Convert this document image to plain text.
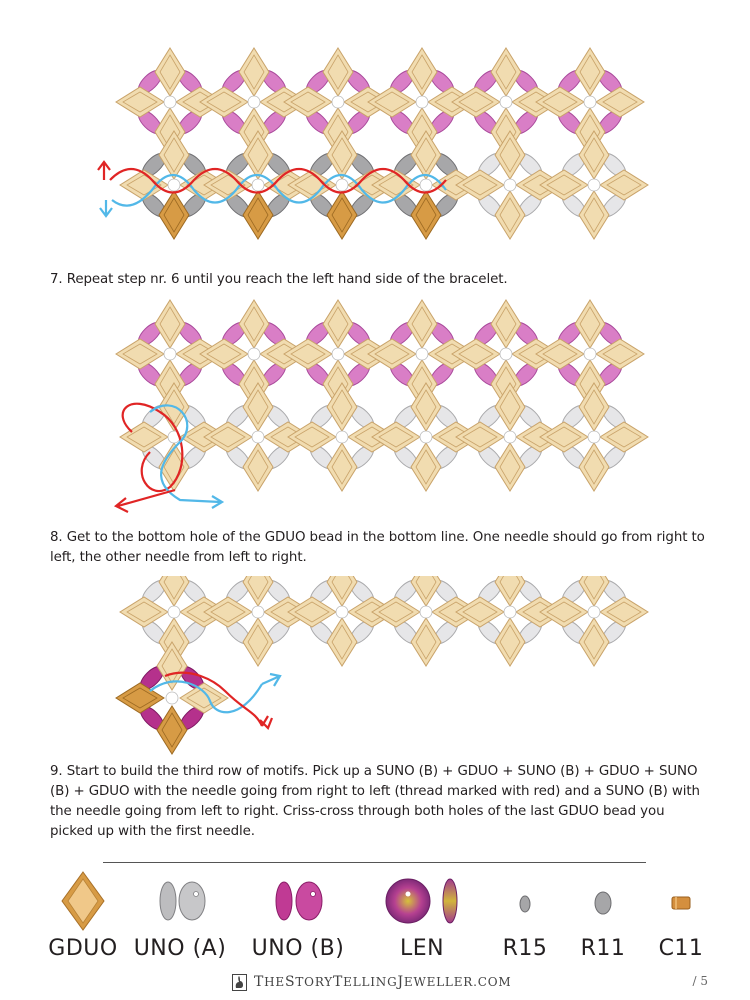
7. Repeat step nr. 6 until you reach the left hand side of the bracelet.

8. Get to the bottom hole of the GDUO bead in the bottom line. One needle should go from right to left, the other needle from left to right.

9. Start to build the third row of motifs. Pick up a SUNO (B) + GDUO + SUNO (B) + GDUO + SUNO (B) + GDUO with the needle going from right to left (thread marked with red) and a SUNO (B) with the needle going from left to right. Criss-cross through both holes of the last GDUO bead you picked up with the first needle.

GDUO UNO (A)	UNO (B)	LEN	R15	R11	C11
THESTORYTELLINGJEWELLER.COM	/ 5
